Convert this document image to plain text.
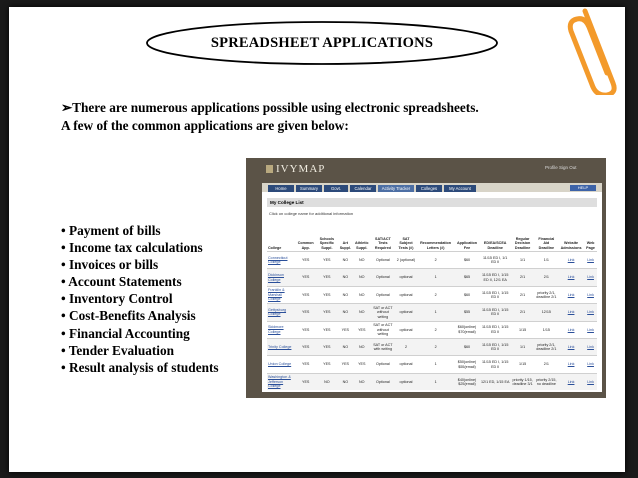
SPREADSHEET APPLICATIONS
➢There are numerous applications possible using electronic spreadsheets.
A few of the common applications are given below:
• Payment of bills
• Income tax calculations
• Invoices or bills
• Account Statements
• Inventory Control
• Cost-Benefits Analysis
• Financial Accounting
• Tender Evaluation
• Result analysis of students
IVYMAP	Profile Sign Out
Home	Summary	Govt.	Calendar	Activity Tracker	Colleges	My Account	HELP
My College List
Click on college name for additional information
College	Common App.	Schools Specific Suppl.	Art Suppl.	Athletic Suppl.	SAT/ACT Tests Required	SAT Subject Tests (#)	Recommendation Letters (#)	Application Fee	ED/EA/SCEA Deadline	Regular Decision Deadline	Financial Aid Deadline	Website Admissions	Web Page
Connecticut College	YES	YES	NO	NO	Optional	2 (optional)	2	$60	11/15 ED I, 1/1 ED II	1/1	1/1	Link	Link
Dickinson College	YES	YES	NO	NO	Optional	optional	1	$65	11/15 ED I, 1/15 ED II, 12/1 EA	2/1	2/1	Link	Link
Franklin & Marshall College	YES	YES	NO	NO	Optional	optional	2	$60	11/15 ED I, 1/15 ED II	2/1	priority 2/1, deadline 2/1	Link	Link
Gettysburg College	YES	YES	NO	NO	SAT or ACT without writing	optional	1	$55	11/15 ED I, 1/15 ED II	2/1	12/15	Link	Link
Skidmore College	YES	YES	YES	YES	SAT or ACT without writing	optional	2	$60(online) $70(email)	11/15 ED I, 1/15 ED II	1/15	1/15	Link	Link
Trinity College	YES	YES	NO	NO	SAT or ACT with writing	2	2	$60	11/15 ED I, 1/15 ED II	1/1	priority 2/1, deadline 2/1	Link	Link
Union College	YES	YES	YES	YES	Optional	optional	1	$50(online) $55(email)	11/15 ED I, 1/15 ED II	1/15	2/1	Link	Link
Washington & Jefferson College	YES	NO	NO	NO	Optional	optional	1	$40(online) $25(email)	12/1 ED, 1/15 EA	priority 1/15, deadline 3/1	priority 2/15, no deadline	Link	Link
